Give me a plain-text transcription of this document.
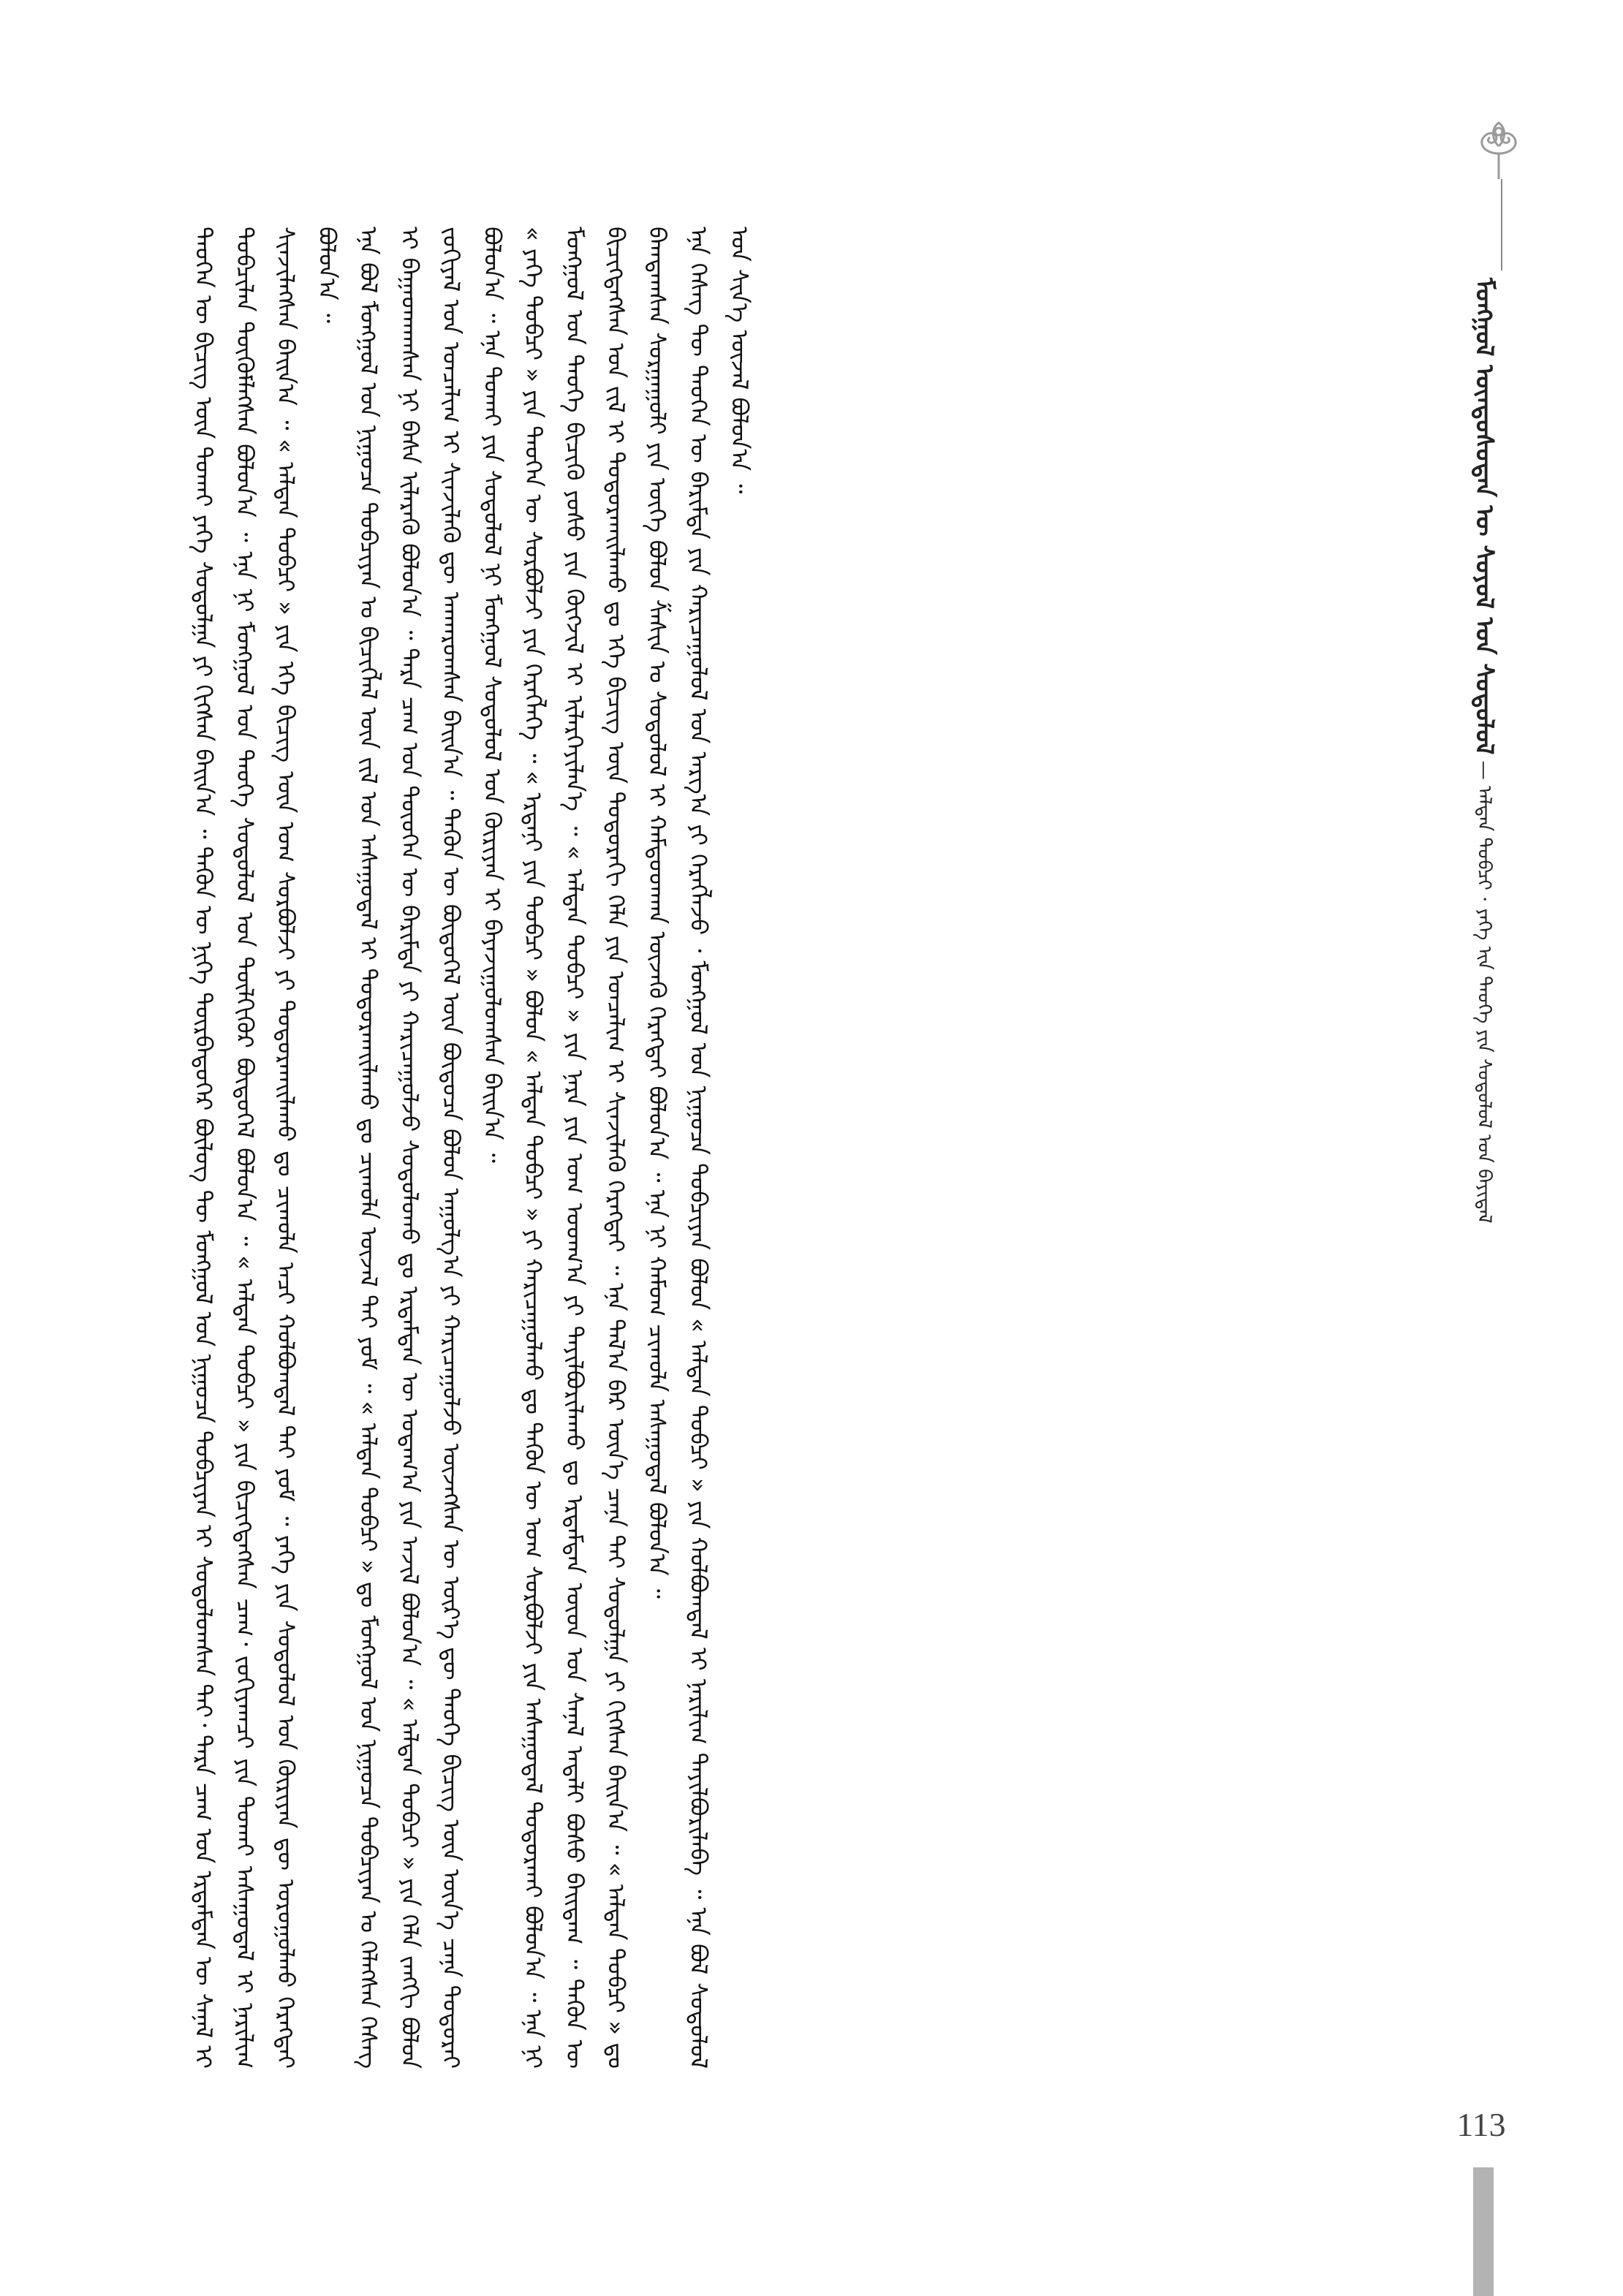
ᠮᠣᠩᠭᠣᠯ ᠦᠨᠳᠦᠰᠦᠲᠡᠨ ᠦ ᠰᠤᠶᠤᠯ ᠤᠨ ᠰᠣᠳᠤᠯᠤᠯ — ᠠᠯᠲᠠᠨ ᠲᠣᠪᠴᠢ · ᠶᠡᠬᠡ ᠢᠨ ᠲᠡᠦᠬᠡ ᠶᠢᠨ ᠰᠣᠳᠤᠯᠤᠯ ᠤᠨ ᠪᠠᠶᠢᠳᠠᠯ

ᠲᠡᠦᠬᠡᠨ ᠦ ᠪᠢᠴᠢᠭ ᠦᠨ ᠲᠤᠬᠠᠢ ᠶᠡᠬᠡ ᠰᠤᠳᠤᠯᠭᠠ ᠶᠢ ᠬᠢᠭᠰᠡᠨ ᠪᠠᠢᠨ᠎ᠠ ᠃ ᠲᠡᠭᠦᠨ ᠦ ᠨᠢᠭᠡ ᠳᠦᠷᠪᠡᠳᠦᠭᠡᠷ ᠪᠦᠯᠦᠭ ᠲᠦ ᠮᠣᠩᠭᠣᠯ ᠤᠨ ᠨᠢᠭᠤᠴᠠ ᠲᠣᠪᠴᠢᠶᠠᠨ ᠢ ᠰᠣᠳᠤᠯᠤᠭᠰᠠᠨ ᠲᠠᠢ᠂ ᠲᠡᠷᠡ ᠴᠠᠭ ᠤᠨ ᠡᠷᠳᠡᠮᠲᠡᠨ ᠦ ᠰᠠᠨᠠᠯ ᠢ ᠲᠣᠪᠴᠢᠯᠠᠨ ᠳᠦᠭᠦᠮᠯᠡᠭᠰᠡᠨ ᠪᠣᠯᠤᠨ᠎ᠠ ᠃ ᠡᠨᠡ ᠨᠢ ᠮᠣᠩᠭᠣᠯ ᠤᠨ ᠲᠡᠦᠬᠡ ᠰᠤᠳᠤᠯᠤᠯ ᠤᠨ ᠲᠦᠯᠬᠢᠭᠦᠷ ᠪᠦᠲᠦᠭᠡᠯ ᠪᠣᠯᠤᠨ᠎ᠠ ᠃ « ᠠᠯᠲᠠᠨ ᠲᠣᠪᠴᠢ » ᠶᠢᠨ ᠪᠢᠴᠢᠭᠳᠡᠭᠰᠡᠨ ᠴᠠᠭ᠂ ᠵᠣᠬᠢᠶᠠᠭᠴᠢ ᠶᠢᠨ ᠲᠤᠬᠠᠢ ᠠᠰᠠᠭᠤᠳᠠᠯ ᠢ ᠨᠠᠷᠢᠯᠢᠭ ᠰᠢᠨᠵᠢᠯᠡᠭᠰᠡᠨ ᠪᠠᠢᠨ᠎ᠠ ᠃ « ᠠᠯᠲᠠᠨ ᠲᠣᠪᠴᠢ » ᠶᠢᠨ ᠡᠬᠡ ᠪᠢᠴᠢᠭ ᠦᠨ ᠤᠭ ᠰᠤᠷᠪᠤᠯᠵᠢ ᠶᠢ ᠲᠣᠳᠤᠷᠬᠠᠢᠯᠠᠬᠤ ᠳᠤ ᠴᠢᠬᠤᠯᠠ ᠠᠴᠢ ᠬᠣᠯᠪᠣᠭᠳᠠᠯ ᠲᠠᠢ ᠶᠤᠮ ᠃ ᠶᠡᠬᠡ ᠶᠢᠨ ᠰᠤᠳᠤᠯᠤᠯ ᠤᠨ ᠬᠦᠷᠢᠶᠡᠨ ᠳᠦ ᠣᠷᠣᠭᠤᠯᠬᠤ ᠬᠡᠷᠡᠭᠲᠡᠢ ᠪᠣᠯᠤᠨ᠎ᠠ ᠃ ᠡᠨᠡ ᠪᠣᠯ ᠮᠣᠩᠭᠣᠯ ᠤᠨ ᠨᠢᠭᠤᠴᠠ ᠲᠣᠪᠴᠢᠶᠠᠨ ᠤ ᠪᠢᠴᠢᠭᠯᠡᠯ ᠦᠨ ᠵᠢᠯ ᠤᠨ ᠠᠰᠠᠭᠤᠳᠠᠯ ᠢ ᠲᠣᠳᠤᠷᠬᠠᠢᠯᠠᠬᠤ ᠳᠤ ᠴᠢᠬᠤᠯᠠ ᠦᠵᠡᠯ ᠲᠡᠢ ᠶᠤᠮ ᠃ « ᠠᠯᠲᠠᠨ ᠲᠣᠪᠴᠢ » ᠳᠤ ᠮᠣᠩᠭᠣᠯ ᠤᠨ ᠨᠢᠭᠤᠴᠠ ᠲᠣᠪᠴᠢᠶᠠᠨ ᠤ ᠬᠡᠯᠡᠭᠰᠡᠨ ᠬᠡᠰᠡᠭ ᠢ ᠪᠠᠭᠠᠳᠬᠠᠭᠰᠠᠨ ᠨᠢ ᠪᠠᠰᠠ ᠢᠯᠡᠷᠡᠬᠦ ᠪᠣᠯᠤᠨ᠎ᠠ ᠃ ᠲᠡᠷᠡ ᠴᠠᠭ ᠤᠨ ᠲᠦᠦᠬᠡᠨ ᠦ ᠪᠠᠷᠢᠮᠲᠠ ᠶᠢ ᠬᠠᠷᠢᠴᠠᠭᠤᠯᠵᠤ ᠰᠤᠳᠤᠯᠤᠬᠤ ᠳᠤ ᠡᠷᠳᠡᠮᠲᠡᠨ ᠦ ᠤᠳᠠᠭ᠎ᠠ ᠶᠢᠨ ᠠᠵᠢᠯ ᠪᠣᠯᠤᠨ᠎ᠠ ᠃ « ᠠᠯᠲᠠᠨ ᠲᠣᠪᠴᠢ » ᠶᠢᠨ ᠬᠡᠯᠡ ᠵᠠᠩᠭᠢ ᠪᠣᠯᠤᠨ ᠵᠣᠬᠢᠶᠠᠯ ᠤᠨ ᠣᠨᠴᠠᠯᠢᠭ ᠢ ᠰᠢᠨᠵᠢᠯᠡᠬᠦ ᠳᠦ ᠠᠨᠬᠠᠷᠤᠭᠰᠠᠨ ᠪᠠᠢᠨ᠎ᠠ ᠃ ᠲᠡᠭᠦᠨ ᠦ ᠪᠦᠲᠦᠭᠡᠯ ᠦᠨ ᠪᠦᠲᠦᠴᠡ ᠪᠣᠯᠤᠨ ᠠᠭᠤᠯᠭ᠎ᠠ ᠶᠢ ᠬᠠᠷᠢᠴᠠᠭᠤᠯᠵᠤ ᠦᠵᠡᠭᠰᠡᠨ ᠦ ᠦᠷ᠎ᠡ ᠳᠦ ᠲᠡᠦᠬᠡ ᠪᠢᠴᠢᠭ ᠦᠨ ᠦᠨ᠎ᠡ ᠴᠡᠨᠡ ᠲᠣᠳᠣᠷᠠᠢ ᠪᠣᠯᠤᠨ᠎ᠠ ᠃ ᠡᠨᠡ ᠲᠤᠬᠠᠢ ᠶᠢᠨ ᠰᠤᠳᠤᠯᠤᠯ ᠨᠢ ᠮᠣᠩᠭᠣᠯ ᠰᠤᠳᠤᠯᠤᠯ ᠤᠨ ᠬᠦᠷᠢᠶᠡᠨ ᠢ ᠪᠠᠶᠠᠵᠢᠭᠤᠯᠤᠭᠰᠠᠨ ᠪᠠᠢᠨ᠎ᠠ ᠃ « ᠶᠡᠬᠡ ᠲᠣᠪᠴᠢ » ᠶᠢᠨ ᠲᠡᠦᠬᠡᠨ ᠦ ᠰᠤᠷᠪᠤᠯᠵᠢ ᠶᠢᠨ ᠬᠡᠷᠡᠭᠯᠡᠭᠡ ᠃ « ᠡᠷᠳᠡᠨᠢ ᠶᠢᠨ ᠲᠣᠪᠴᠢ » ᠪᠣᠯᠤᠨ « ᠠᠯᠲᠠᠨ ᠲᠣᠪᠴᠢ » ᠶᠢ ᠬᠠᠷᠢᠴᠠᠭᠤᠯᠬᠤ ᠳᠤ ᠲᠡᠭᠦᠨ ᠦ ᠤᠭ ᠰᠤᠷᠪᠤᠯᠵᠢ ᠶᠢᠨ ᠠᠰᠠᠭᠤᠳᠠᠯ ᠲᠣᠳᠣᠷᠬᠠᠢ ᠪᠣᠯᠤᠨ᠎ᠠ ᠃ ᠡᠨᠡ ᠨᠢ ᠮᠣᠩᠭᠣᠯ ᠤᠨ ᠲᠡᠦᠬᠡ ᠪᠢᠴᠢᠬᠦ ᠶᠣᠰᠣ ᠶᠢᠨ ᠬᠥᠭᠵᠢᠯ ᠢ ᠢᠯᠡᠷᠬᠡᠶᠢᠯᠡᠨ᠎ᠡ ᠃ « ᠠᠯᠲᠠᠨ ᠲᠣᠪᠴᠢ » ᠶᠢᠨ ᠨᠡᠷᠡ ᠶᠢᠨ ᠤᠭ ᠤᠳᠬ᠎ᠠ ᠶᠢ ᠲᠠᠶᠢᠯᠪᠤᠷᠢᠯᠠᠬᠤ ᠳᠤ ᠡᠷᠳᠡᠮᠲᠡᠨ ᠦᠳ ᠤᠨ ᠰᠠᠨᠠᠯ ᠠᠳᠠᠯᠢ ᠪᠤᠰᠤ ᠪᠠᠢᠳᠠᠭ ᠃ ᠲᠡᠭᠦᠨ ᠦ ᠪᠢᠴᠢᠭᠳᠡᠭᠰᠡᠨ ᠣᠨ ᠵᠢᠯ ᠢ ᠲᠣᠳᠤᠷᠬᠠᠢᠯᠠᠬᠤ ᠳᠤ ᠡᠬᠡ ᠪᠢᠴᠢᠭ ᠦᠨ ᠳᠣᠲᠣᠷᠠᠬᠢ ᠬᠡᠯᠡ ᠶᠢᠨ ᠣᠨᠴᠠᠯᠢᠭ ᠢ ᠰᠢᠨᠵᠢᠯᠡᠬᠦ ᠬᠡᠷᠡᠭᠲᠡᠢ ᠃ ᠡᠨᠡ ᠲᠠᠯ᠎ᠠ ᠪᠠᠷ ᠦᠨ᠎ᠡ ᠴᠡᠨᠡ ᠲᠠᠢ ᠰᠤᠳᠤᠯᠭᠠ ᠶᠢ ᠬᠢᠭᠰᠡᠨ ᠪᠠᠢᠨ᠎ᠠ ᠃ « ᠠᠯᠲᠠᠨ ᠲᠣᠪᠴᠢ » ᠳᠤ ᠪᠠᠭᠲᠠᠭᠰᠠᠨ ᠰᠤᠷᠭᠠᠭᠤᠯᠢ ᠶᠢᠨ ᠦᠭᠡ ᠪᠣᠯᠤᠨ ᠱᠠᠰᠢᠨ ᠤ ᠰᠤᠳᠤᠯᠤᠯ ᠢ ᠬᠠᠮᠲᠤᠳᠬᠠᠨ ᠦᠵᠡᠬᠦ ᠬᠡᠷᠡᠭᠲᠡᠢ ᠪᠣᠯᠤᠨ᠎ᠠ ᠃ ᠡᠨᠡ ᠨᠢ ᠬᠠᠮᠤᠭ ᠴᠢᠬᠤᠯᠠ ᠠᠰᠠᠭᠤᠳᠠᠯ ᠪᠣᠯᠤᠨ᠎ᠠ ᠃ ᠡᠨᠡ ᠬᠡᠰᠡᠭ ᠲᠦ ᠲᠡᠦᠬᠡᠨ ᠦ ᠪᠠᠷᠢᠮᠲᠠ ᠶᠢᠨ ᠬᠠᠷᠢᠴᠠᠭᠤᠯᠤᠯ ᠤᠨ ᠠᠷᠭ᠎ᠠ ᠶᠢ ᠬᠡᠷᠡᠭᠯᠡᠵᠤ ᠂ ᠮᠣᠩᠭᠣᠯ ᠤᠨ ᠨᠢᠭᠤᠴᠠ ᠲᠣᠪᠴᠢᠶᠠᠨ ᠪᠣᠯᠤᠨ « ᠠᠯᠲᠠᠨ ᠲᠣᠪᠴᠢ » ᠶᠢᠨ ᠬᠣᠯᠪᠣᠭᠳᠠᠯ ᠢ ᠨᠠᠷᠢᠯᠢᠭ ᠲᠠᠶᠢᠯᠪᠤᠷᠢᠯᠠᠪᠠ ᠃ ᠡᠨᠡ ᠪᠣᠯ ᠰᠤᠳᠤᠯᠤᠯ ᠤᠨ ᠰᠢᠨ᠎ᠡ ᠦᠵᠡᠯ ᠪᠣᠯᠤᠨ᠎ᠠ ᠃

113
